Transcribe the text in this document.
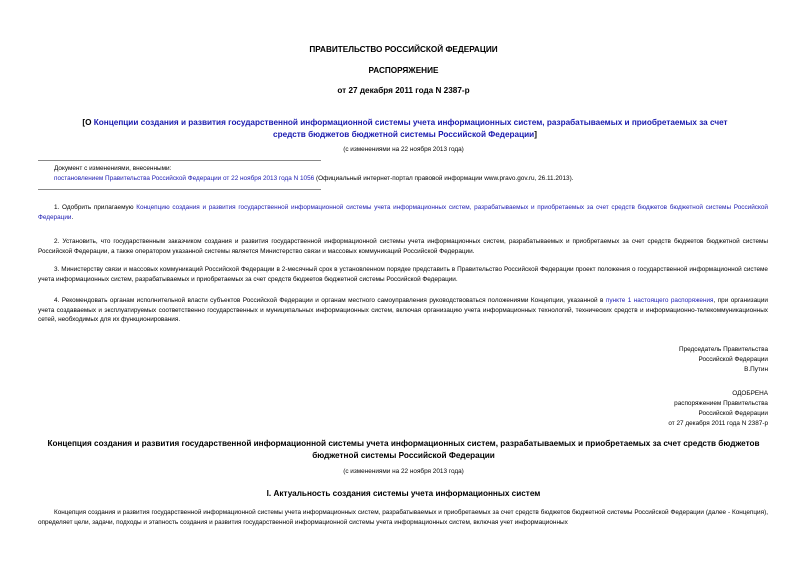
ПРАВИТЕЛЬСТВО РОССИЙСКОЙ ФЕДЕРАЦИИ
РАСПОРЯЖЕНИЕ
от 27 декабря 2011 года N 2387-р
[О Концепции создания и развития государственной информационной системы учета информационных систем, разрабатываемых и приобретаемых за счет средств бюджетов бюджетной системы Российской Федерации]
(с изменениями на 22 ноября 2013 года)
Документ с изменениями, внесенными:
постановлением Правительства Российской Федерации от 22 ноября 2013 года N 1056 (Официальный интернет-портал правовой информации www.pravo.gov.ru, 26.11.2013).
1. Одобрить прилагаемую Концепцию создания и развития государственной информационной системы учета информационных систем, разрабатываемых и приобретаемых за счет средств бюджетов бюджетной системы Российской Федерации.
2. Установить, что государственным заказчиком создания и развития государственной информационной системы учета информационных систем, разрабатываемых и приобретаемых за счет средств бюджетов бюджетной системы Российской Федерации, а также оператором указанной системы является Министерство связи и массовых коммуникаций Российской Федерации.
3. Министерству связи и массовых коммуникаций Российской Федерации в 2-месячный срок в установленном порядке представить в Правительство Российской Федерации проект положения о государственной информационной системе учета информационных систем, разрабатываемых и приобретаемых за счет средств бюджетов бюджетной системы Российской Федерации.
4. Рекомендовать органам исполнительной власти субъектов Российской Федерации и органам местного самоуправления руководствоваться положениями Концепции, указанной в пункте 1 настоящего распоряжения, при организации учета создаваемых и эксплуатируемых соответственно государственных и муниципальных информационных систем, включая организацию учета информационных технологий, технических средств и информационно-телекоммуникационных сетей, необходимых для их функционирования.
Председатель Правительства
Российской Федерации
В.Путин
ОДОБРЕНА
распоряжением Правительства
Российской Федерации
от 27 декабря 2011 года N 2387-р
Концепция создания и развития государственной информационной системы учета информационных систем, разрабатываемых и приобретаемых за счет средств бюджетов бюджетной системы Российской Федерации
(с изменениями на 22 ноября 2013 года)
I. Актуальность создания системы учета информационных систем
Концепция создания и развития государственной информационной системы учета информационных систем, разрабатываемых и приобретаемых за счет средств бюджетов бюджетной системы Российской Федерации (далее - Концепция), определяет цели, задачи, подходы и этапность создания и развития государственной информационной системы учета информационных систем, включая учет информационных
